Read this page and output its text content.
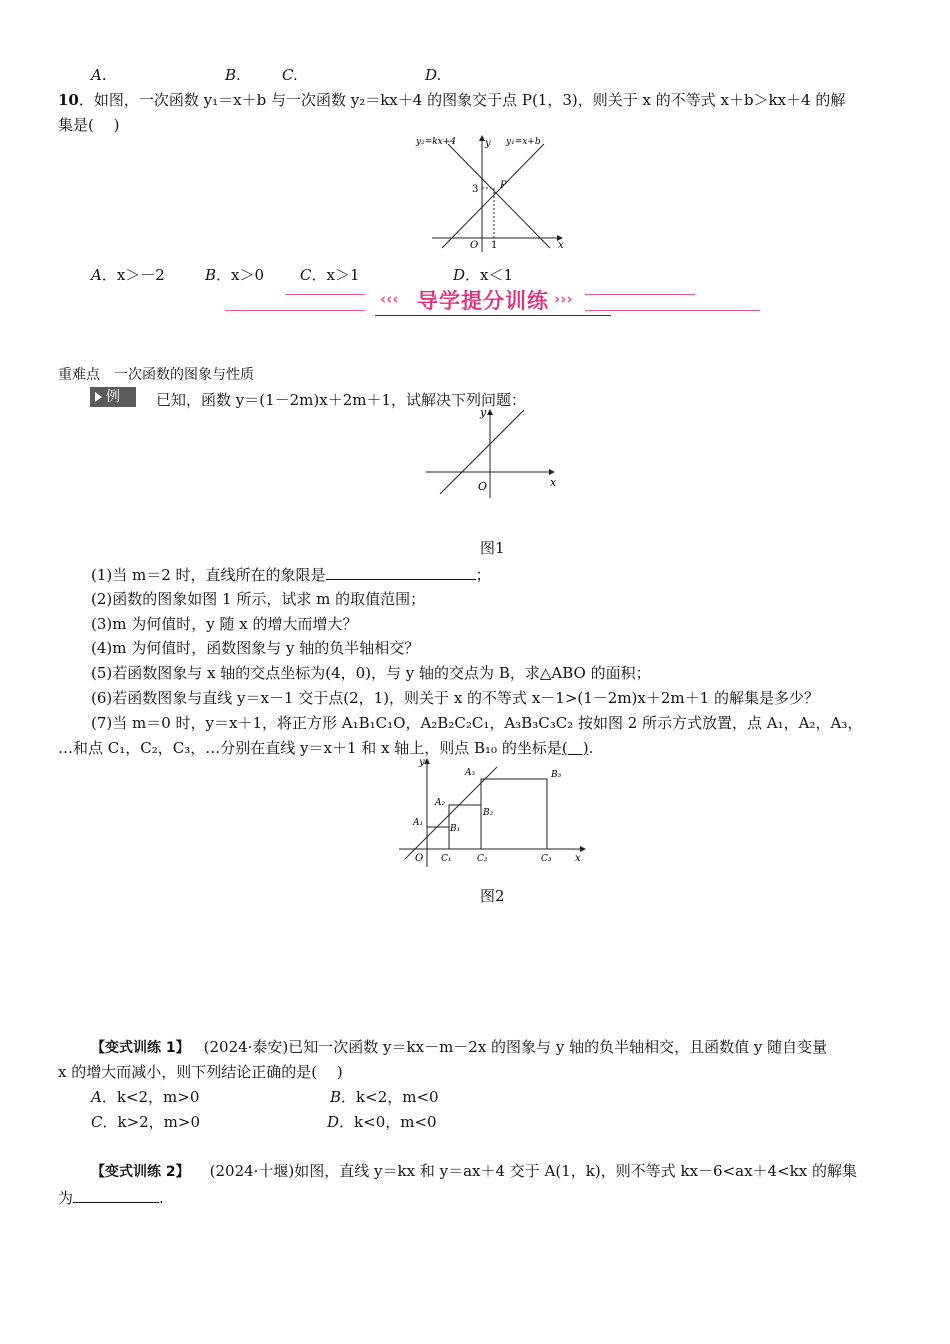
A.	B.	C.	D.
10．如图，一次函数 y₁＝x＋b 与一次函数 y₂＝kx＋4 的图象交于点 P(1，3)，则关于 x 的不等式 x＋b＞kx＋4 的解
集是(　 )
y₂=kx+4	y₁=x+b
y
x
O 1
3 P
A．x＞－2	B．x＞0 C．x＞1	D．x＜1
‹‹‹ 导学提分训练 ›››
重难点　一次函数的图象与性质
例	已知，函数 y＝(1－2m)x＋2m＋1，试解决下列问题：
y
x
O
图1
(1)当 m＝2 时，直线所在的象限是	；
(2)函数的图象如图 1 所示，试求 m 的取值范围；
(3)m 为何值时，y 随 x 的增大而增大？
(4)m 为何值时，函数图象与 y 轴的负半轴相交？
(5)若函数图象与 x 轴的交点坐标为(4，0)，与 y 轴的交点为 B，求△ABO 的面积；
(6)若函数图象与直线 y＝x－1 交于点(2，1)，则关于 x 的不等式 x－1>(1－2m)x＋2m＋1 的解集是多少？
(7)当 m＝0 时，y＝x＋1，将正方形 A₁B₁C₁O，A₂B₂C₂C₁，A₃B₃C₃C₂ 按如图 2 所示方式放置，点 A₁，A₂，A₃，
…和点 C₁，C₂，C₃，…分别在直线 y＝x＋1 和 x 轴上，则点 B₁₀ 的坐标是(　).
y
x
O
A₁
A₂
A₃
B₁
B₂
B₃
C₁	C₂	C₃
图2
【变式训练 1】 (2024·泰安)已知一次函数 y＝kx－m－2x 的图象与 y 轴的负半轴相交，且函数值 y 随自变量
x 的增大而减小，则下列结论正确的是(　 )
A．k<2，m>0	B．k<2，m<0
C．k>2，m>0	D．k<0，m<0
【变式训练 2】 (2024·十堰)如图，直线 y＝kx 和 y＝ax＋4 交于 A(1，k)，则不等式 kx－6<ax＋4<kx 的解集
为	.
